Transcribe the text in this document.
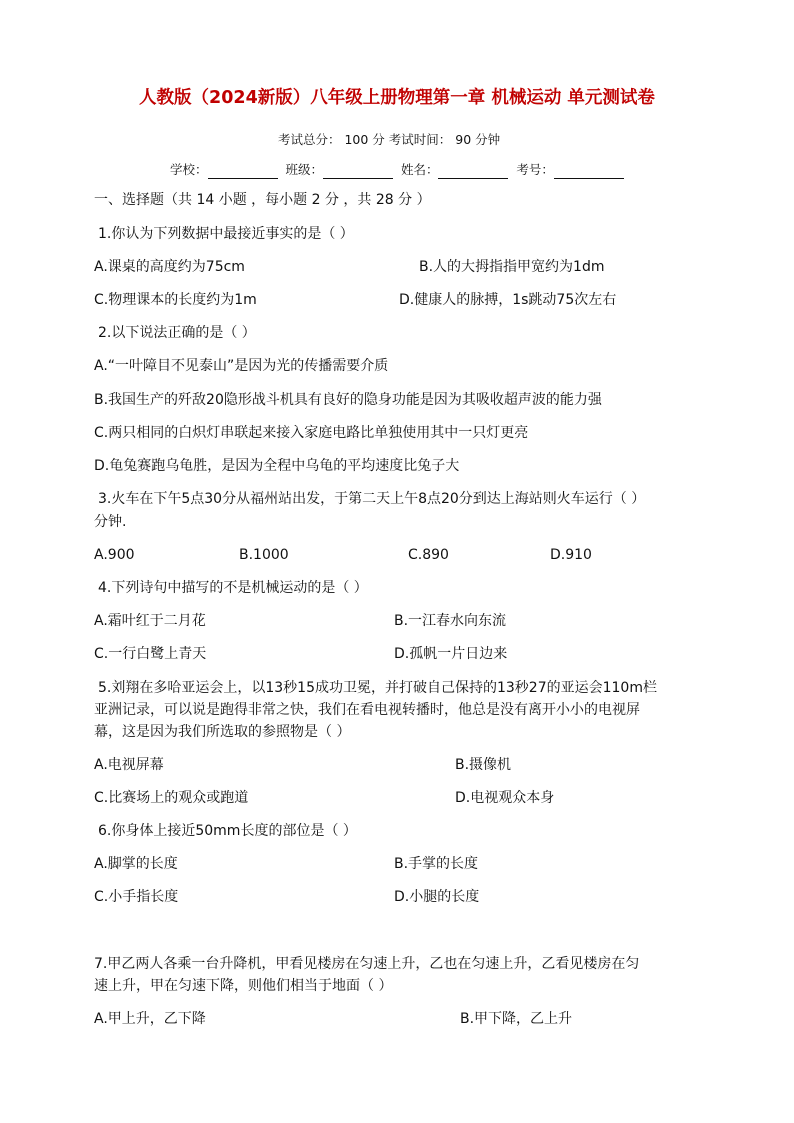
人教版（2024新版）八年级上册物理第一章 机械运动 单元测试卷
考试总分： 100 分 考试时间： 90 分钟
学校：	班级：	姓名：	考号：
一、选择题（共 14 小题 ，每小题 2 分 ，共 28 分 ）
1.你认为下列数据中最接近事实的是（ ）
A.课桌的高度约为75cm	B.人的大拇指指甲宽约为1dm
C.物理课本的长度约为1m	D.健康人的脉搏，1s跳动75次左右
2.以下说法正确的是（ ）
A.“一叶障目不见泰山”是因为光的传播需要介质
B.我国生产的歼敌20隐形战斗机具有良好的隐身功能是因为其吸收超声波的能力强
C.两只相同的白炽灯串联起来接入家庭电路比单独使用其中一只灯更亮
D.龟兔赛跑乌龟胜，是因为全程中乌龟的平均速度比兔子大
3.火车在下午5点30分从福州站出发，于第二天上午8点20分到达上海站则火车运行（ ）
分钟.
A.900	B.1000	C.890	D.910
4.下列诗句中描写的不是机械运动的是（ ）
A.霜叶红于二月花	B.一江春水向东流
C.一行白鹭上青天	D.孤帆一片日边来
5.刘翔在多哈亚运会上，以13秒15成功卫冕，并打破自己保持的13秒27的亚运会110m栏
亚洲记录，可以说是跑得非常之快，我们在看电视转播时，他总是没有离开小小的电视屏
幕，这是因为我们所选取的参照物是（ ）
A.电视屏幕	B.摄像机
C.比赛场上的观众或跑道	D.电视观众本身
6.你身体上接近50mm长度的部位是（ ）
A.脚掌的长度	B.手掌的长度
C.小手指长度	D.小腿的长度
7.甲乙两人各乘一台升降机，甲看见楼房在匀速上升，乙也在匀速上升，乙看见楼房在匀
速上升，甲在匀速下降，则他们相当于地面（ ）
A.甲上升，乙下降	B.甲下降，乙上升
